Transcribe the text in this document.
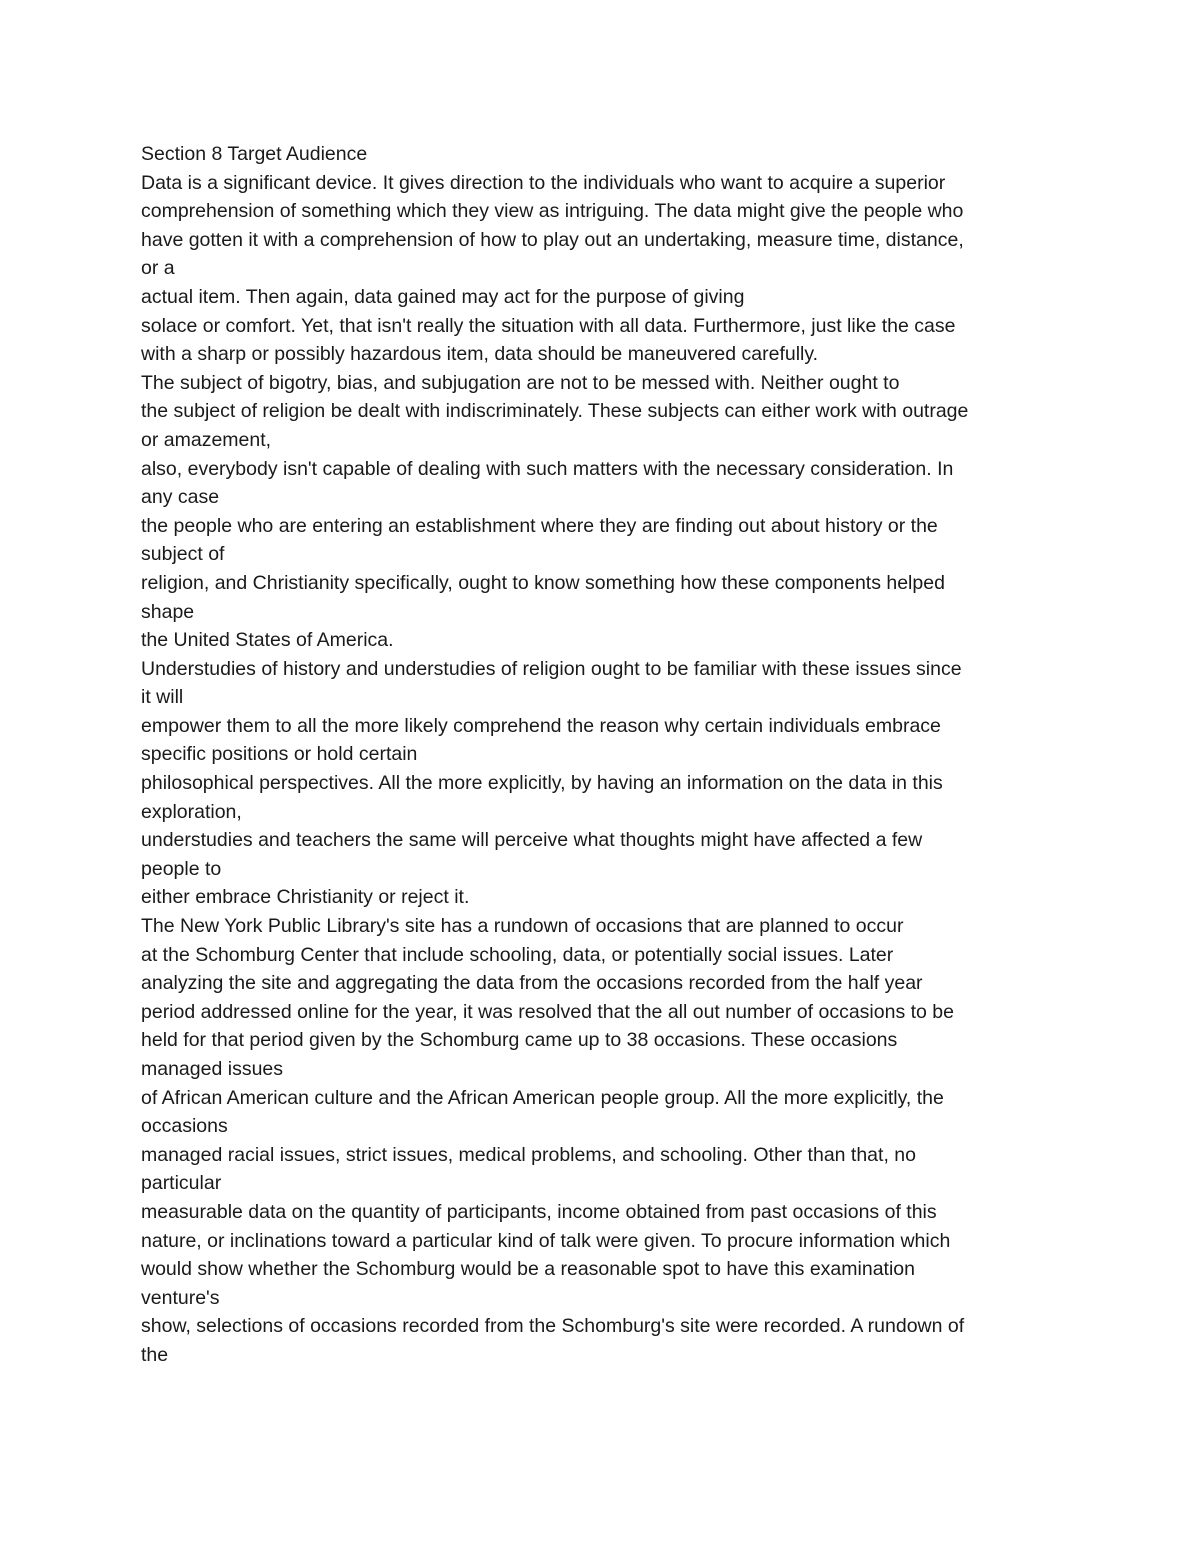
Section 8 Target Audience
Data is a significant device. It gives direction to the individuals who want to acquire a superior
comprehension of something which they view as intriguing. The data might give the people who
have gotten it with a comprehension of how to play out an undertaking, measure time, distance,
or a
actual item. Then again, data gained may act for the purpose of giving
solace or comfort. Yet, that isn't really the situation with all data. Furthermore, just like the case
with a sharp or possibly hazardous item, data should be maneuvered carefully.
The subject of bigotry, bias, and subjugation are not to be messed with. Neither ought to
the subject of religion be dealt with indiscriminately. These subjects can either work with outrage
or amazement,
also, everybody isn't capable of dealing with such matters with the necessary consideration. In
any case
the people who are entering an establishment where they are finding out about history or the
subject of
religion, and Christianity specifically, ought to know something how these components helped
shape
the United States of America.
Understudies of history and understudies of religion ought to be familiar with these issues since
it will
empower them to all the more likely comprehend the reason why certain individuals embrace
specific positions or hold certain
philosophical perspectives. All the more explicitly, by having an information on the data in this
exploration,
understudies and teachers the same will perceive what thoughts might have affected a few
people to
either embrace Christianity or reject it.
The New York Public Library's site has a rundown of occasions that are planned to occur
at the Schomburg Center that include schooling, data, or potentially social issues. Later
analyzing the site and aggregating the data from the occasions recorded from the half year
period addressed online for the year, it was resolved that the all out number of occasions to be
held for that period given by the Schomburg came up to 38 occasions. These occasions
managed issues
of African American culture and the African American people group. All the more explicitly, the
occasions
managed racial issues, strict issues, medical problems, and schooling. Other than that, no
particular
measurable data on the quantity of participants, income obtained from past occasions of this
nature, or inclinations toward a particular kind of talk were given. To procure information which
would show whether the Schomburg would be a reasonable spot to have this examination
venture's
show, selections of occasions recorded from the Schomburg's site were recorded. A rundown of
the
